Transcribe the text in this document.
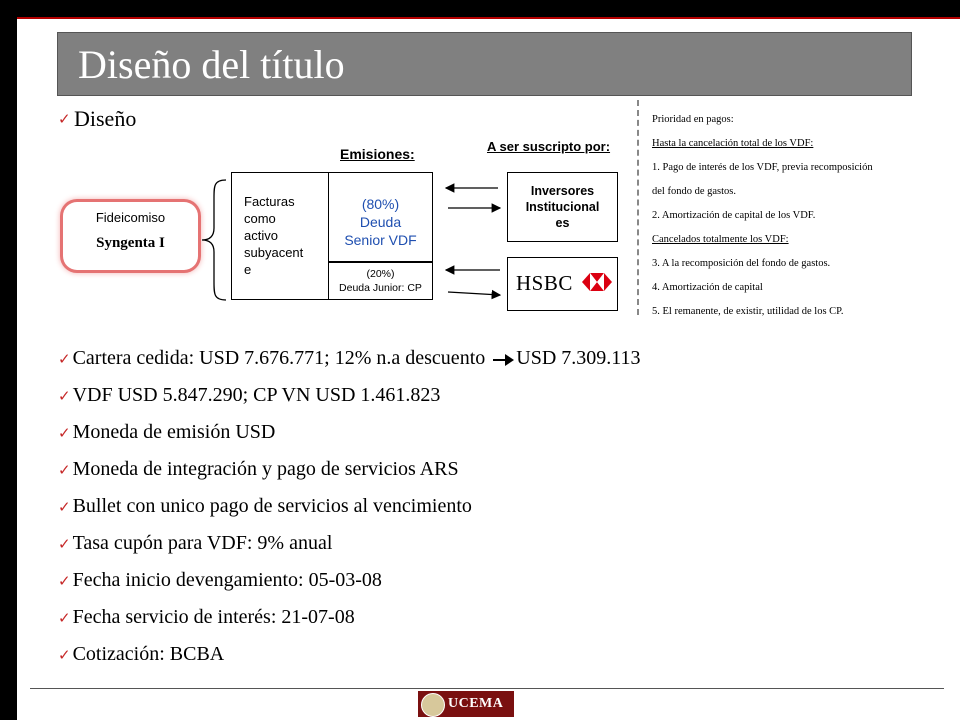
Diseño del título
✓ Diseño
Emisiones:	A ser suscripto por:
Fideicomiso
Syngenta I
Facturas
como
activo
subyacent
e
(80%)
Deuda
Senior VDF
(20%)
Deuda Junior: CP
Inversores
Institucional
es
HSBC
Prioridad en pagos:
Hasta la cancelación total de los VDF:
1. Pago de interés de los VDF, previa recomposición
del fondo de gastos.
2. Amortización de capital de los VDF.
Cancelados totalmente los VDF:
3. A la recomposición del fondo de gastos.
4. Amortización de capital
5. El remanente, de existir, utilidad de los CP.
✓ Cartera cedida: USD 7.676.771; 12% n.a descuento USD 7.309.113
✓ VDF USD 5.847.290; CP VN USD 1.461.823
✓ Moneda de emisión USD
✓ Moneda de integración y pago de servicios ARS
✓ Bullet con unico pago de servicios al vencimiento
✓ Tasa cupón para VDF: 9% anual
✓ Fecha inicio devengamiento: 05-03-08
✓ Fecha servicio de interés: 21-07-08
✓ Cotización: BCBA
UCEMA
